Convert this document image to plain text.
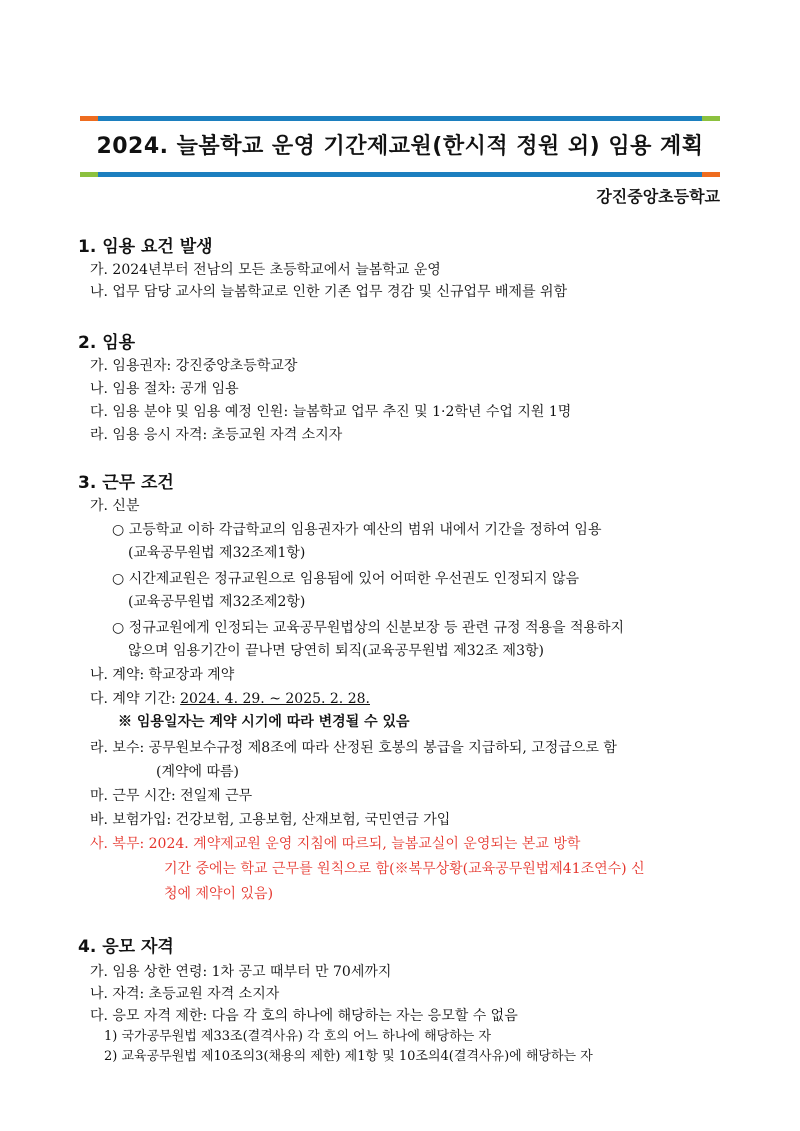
2024. 늘봄학교 운영 기간제교원(한시적 정원 외) 임용 계획
강진중앙초등학교
1. 임용 요건 발생
가. 2024년부터 전남의 모든 초등학교에서 늘봄학교 운영
나. 업무 담당 교사의 늘봄학교로 인한 기존 업무 경감 및 신규업무 배제를 위함
2. 임용
가. 임용권자: 강진중앙초등학교장
나. 임용 절차: 공개 임용
다. 임용 분야 및 임용 예정 인원: 늘봄학교 업무 추진 및 1·2학년 수업 지원 1명
라. 임용 응시 자격: 초등교원 자격 소지자
3. 근무 조건
가. 신분
○ 고등학교 이하 각급학교의 임용권자가 예산의 범위 내에서 기간을 정하여 임용
(교육공무원법 제32조제1항)
○ 시간제교원은 정규교원으로 임용됨에 있어 어떠한 우선권도 인정되지 않음
(교육공무원법 제32조제2항)
○ 정규교원에게 인정되는 교육공무원법상의 신분보장 등 관련 규정 적용을 적용하지
않으며 임용기간이 끝나면 당연히 퇴직(교육공무원법 제32조 제3항)
나. 계약: 학교장과 계약
다. 계약 기간: 2024. 4. 29. ~ 2025. 2. 28.
※ 임용일자는 계약 시기에 따라 변경될 수 있음
라. 보수: 공무원보수규정 제8조에 따라 산정된 호봉의 봉급을 지급하되, 고정급으로 함
(계약에 따름)
마. 근무 시간: 전일제 근무
바. 보험가입: 건강보험, 고용보험, 산재보험, 국민연금 가입
사. 복무: 2024. 계약제교원 운영 지침에 따르되, 늘봄교실이 운영되는 본교 방학
기간 중에는 학교 근무를 원칙으로 함(※복무상황(교육공무원법제41조연수) 신
청에 제약이 있음)
4. 응모 자격
가. 임용 상한 연령: 1차 공고 때부터 만 70세까지
나. 자격: 초등교원 자격 소지자
다. 응모 자격 제한: 다음 각 호의 하나에 해당하는 자는 응모할 수 없음
1) 국가공무원법 제33조(결격사유) 각 호의 어느 하나에 해당하는 자
2) 교육공무원법 제10조의3(채용의 제한) 제1항 및 10조의4(결격사유)에 해당하는 자
